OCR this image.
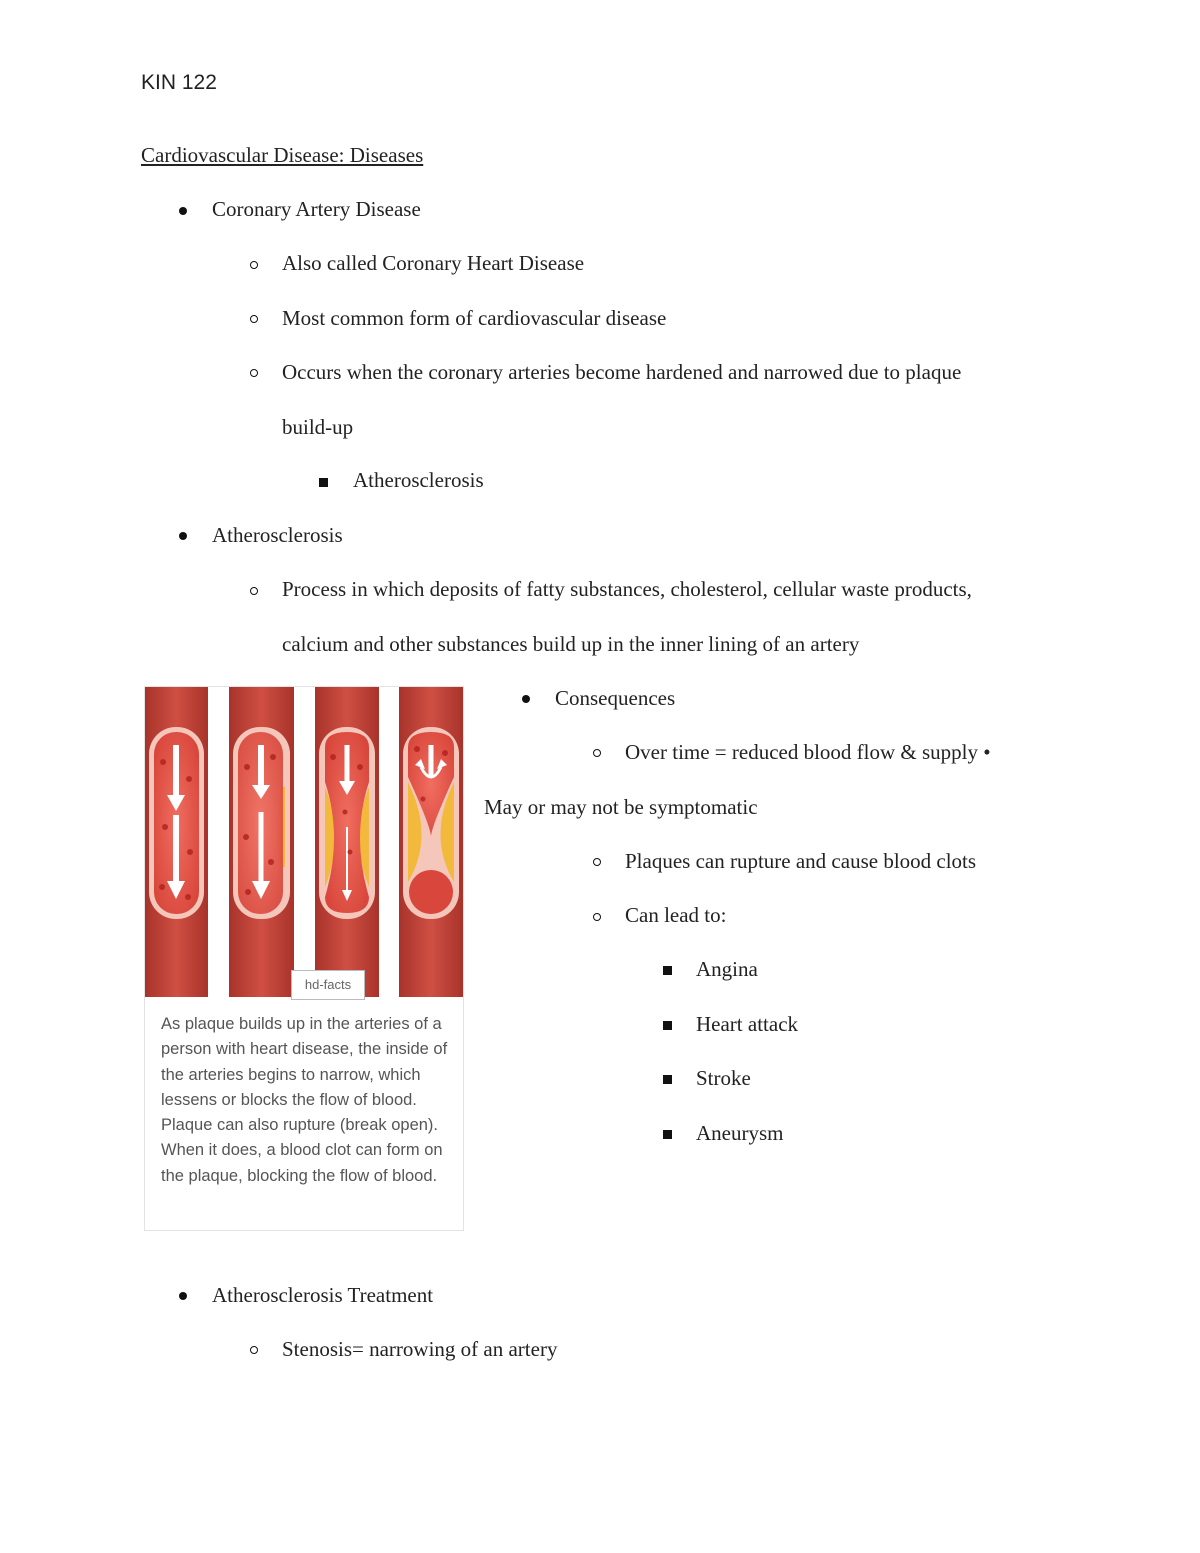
KIN 122
Cardiovascular Disease: Diseases
Coronary Artery Disease
Also called Coronary Heart Disease
Most common form of cardiovascular disease
Occurs when the coronary arteries become hardened and narrowed due to plaque
build-up
Atherosclerosis
Atherosclerosis
Process in which deposits of fatty substances, cholesterol, cellular waste products,
calcium and other substances build up in the inner lining of an artery
hd-facts
As plaque builds up in the arteries of a person with heart disease, the inside of the arteries begins to narrow, which lessens or blocks the flow of blood. Plaque can also rupture (break open). When it does, a blood clot can form on the plaque, blocking the flow of blood.
Consequences
Over time = reduced blood flow & supply •
May or may not be symptomatic
Plaques can rupture and cause blood clots
Can lead to:
Angina
Heart attack
Stroke
Aneurysm
Atherosclerosis Treatment
Stenosis= narrowing of an artery
